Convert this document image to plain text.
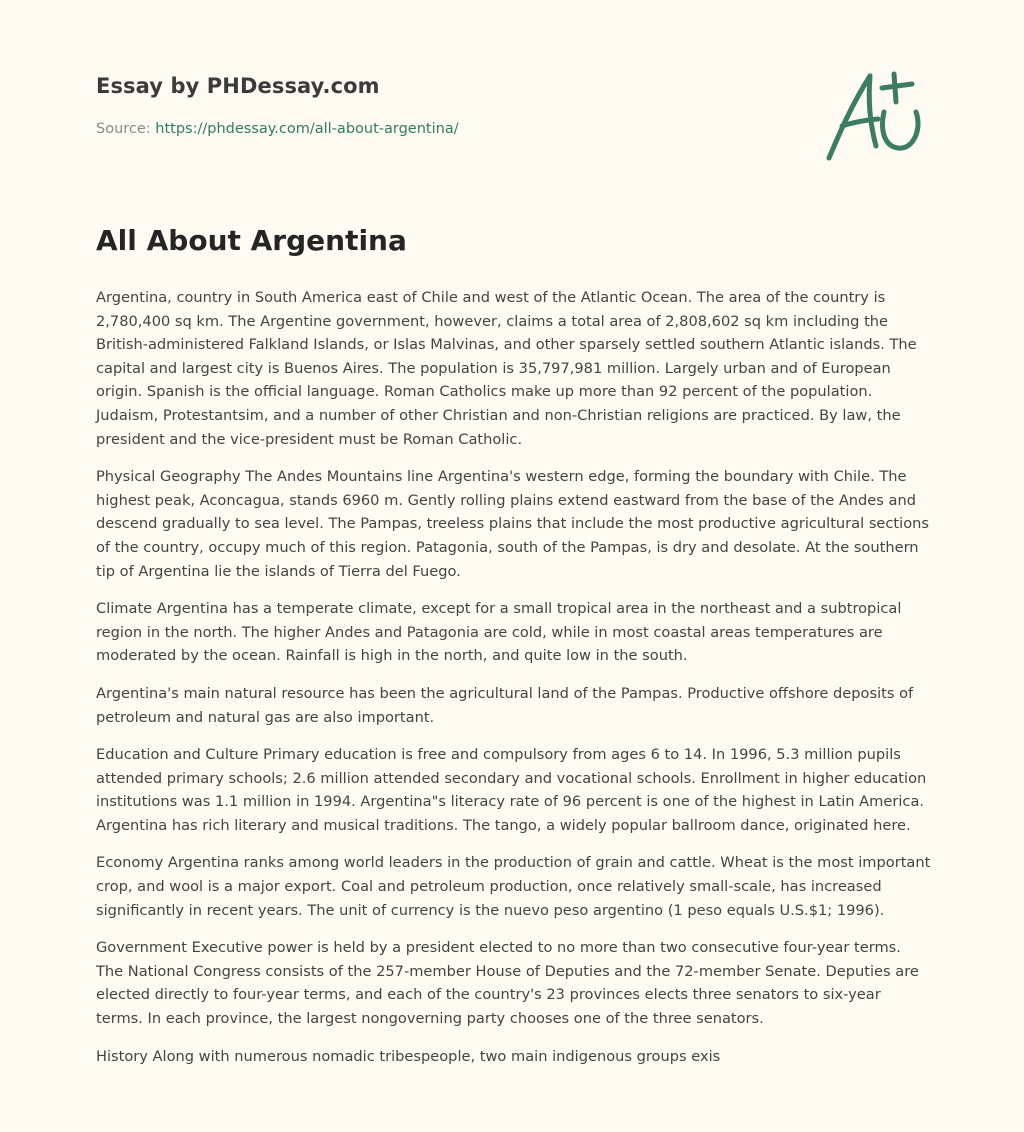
Essay by PHDessay.com
Source: https://phdessay.com/all-about-argentina/
All About Argentina

Argentina, country in South America east of Chile and west of the Atlantic Ocean. The area of the country is 2,780,400 sq km. The Argentine government, however, claims a total area of 2,808,602 sq km including the British-administered Falkland Islands, or Islas Malvinas, and other sparsely settled southern Atlantic islands. The capital and largest city is Buenos Aires. The population is 35,797,981 million. Largely urban and of European origin. Spanish is the official language. Roman Catholics make up more than 92 percent of the population. Judaism, Protestantsim, and a number of other Christian and non-Christian religions are practiced. By law, the president and the vice-president must be Roman Catholic.

Physical Geography The Andes Mountains line Argentina's western edge, forming the boundary with Chile. The highest peak, Aconcagua, stands 6960 m. Gently rolling plains extend eastward from the base of the Andes and descend gradually to sea level. The Pampas, treeless plains that include the most productive agricultural sections of the country, occupy much of this region. Patagonia, south of the Pampas, is dry and desolate. At the southern tip of Argentina lie the islands of Tierra del Fuego.

Climate Argentina has a temperate climate, except for a small tropical area in the northeast and a subtropical region in the north. The higher Andes and Patagonia are cold, while in most coastal areas temperatures are moderated by the ocean. Rainfall is high in the north, and quite low in the south.

Argentina's main natural resource has been the agricultural land of the Pampas. Productive offshore deposits of petroleum and natural gas are also important.

Education and Culture Primary education is free and compulsory from ages 6 to 14. In 1996, 5.3 million pupils attended primary schools; 2.6 million attended secondary and vocational schools. Enrollment in higher education institutions was 1.1 million in 1994. Argentina"s literacy rate of 96 percent is one of the highest in Latin America. Argentina has rich literary and musical traditions. The tango, a widely popular ballroom dance, originated here.

Economy Argentina ranks among world leaders in the production of grain and cattle. Wheat is the most important crop, and wool is a major export. Coal and petroleum production, once relatively small-scale, has increased significantly in recent years. The unit of currency is the nuevo peso argentino (1 peso equals U.S.$1; 1996).

Government Executive power is held by a president elected to no more than two consecutive four-year terms. The National Congress consists of the 257-member House of Deputies and the 72-member Senate. Deputies are elected directly to four-year terms, and each of the country's 23 provinces elects three senators to six-year terms. In each province, the largest nongoverning party chooses one of the three senators.

History Along with numerous nomadic tribespeople, two main indigenous groups exis
